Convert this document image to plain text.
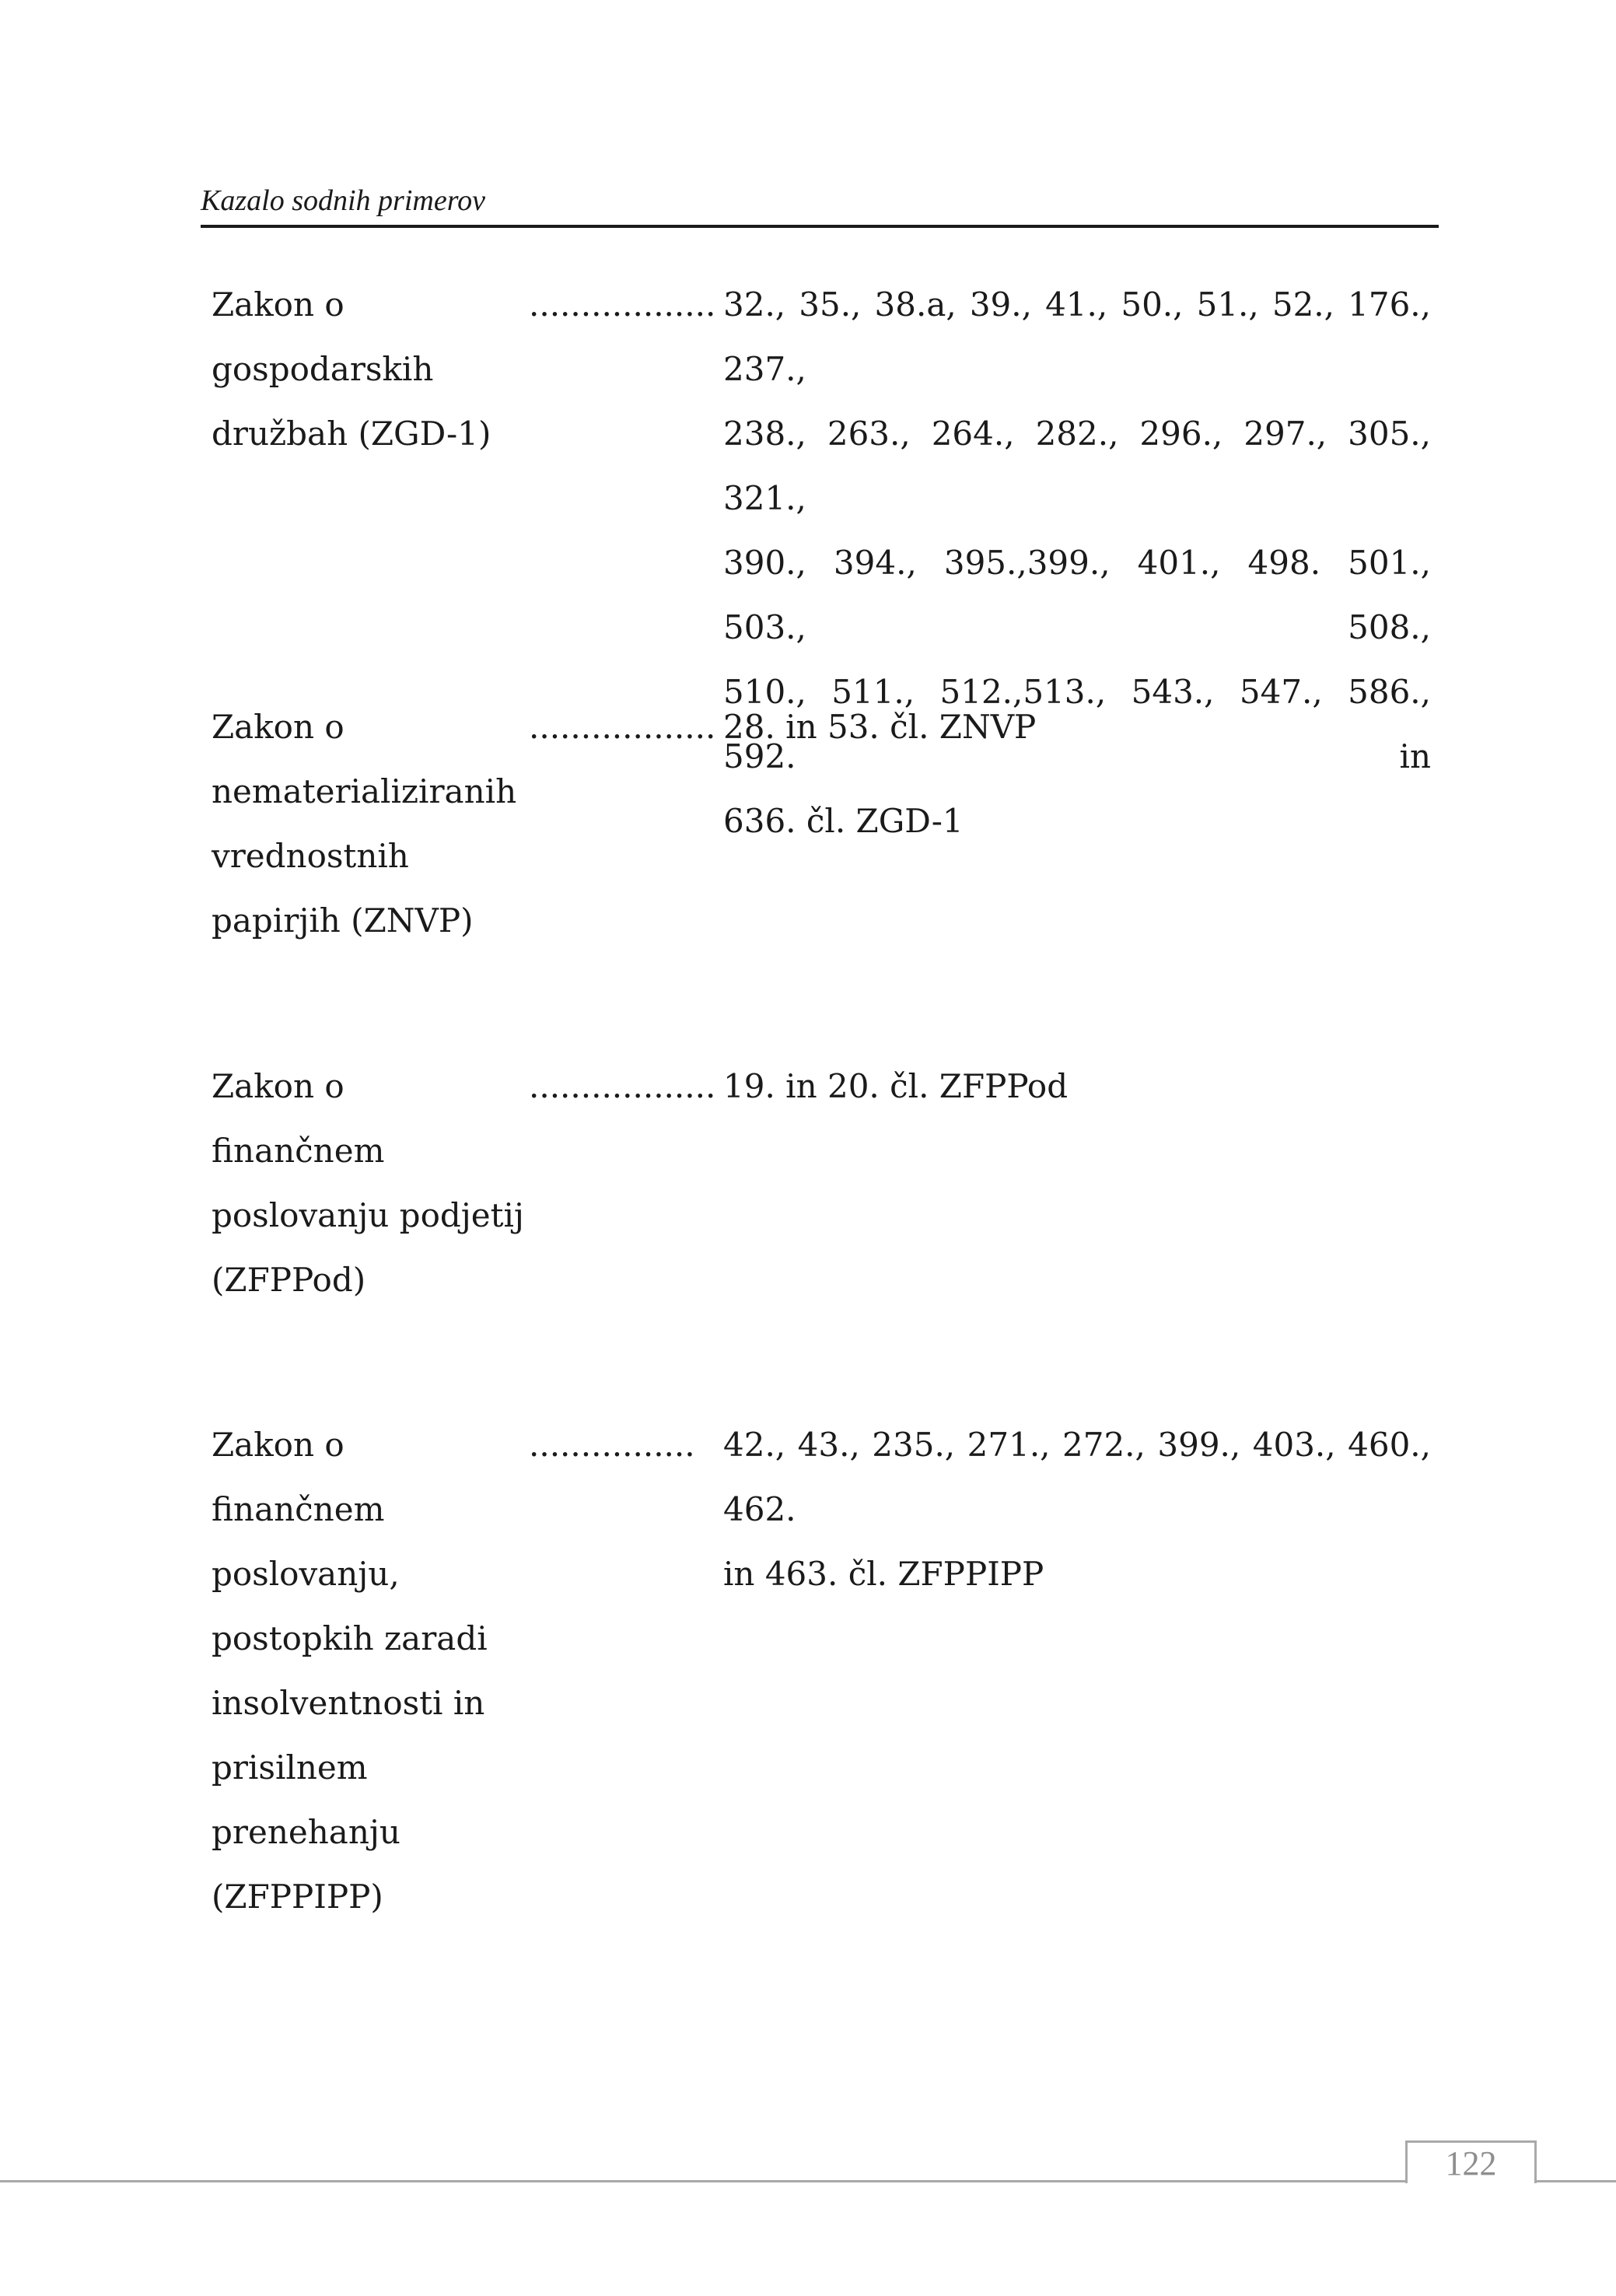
Kazalo sodnih primerov
Zakon o
gospodarskih
družbah (ZGD-1)
.................. 32., 35., 38.a, 39., 41., 50., 51., 52., 176., 237.,
238., 263., 264., 282., 296., 297., 305., 321.,
390., 394., 395.,399., 401., 498. 501., 503., 508.,
510., 511., 512.,513., 543., 547., 586., 592. in
636. čl. ZGD-1
Zakon o
nematerializiranih
vrednostnih
papirjih (ZNVP)
.................. 28. in 53. čl. ZNVP
Zakon o
finančnem
poslovanju podjetij
(ZFPPod)
.................. 19. in 20. čl. ZFPPod
Zakon o
finančnem
poslovanju,
postopkih zaradi
insolventnosti in
prisilnem
prenehanju
(ZFPPIPP)
................ 42., 43., 235., 271., 272., 399., 403., 460., 462.
in 463. čl. ZFPPIPP
122
